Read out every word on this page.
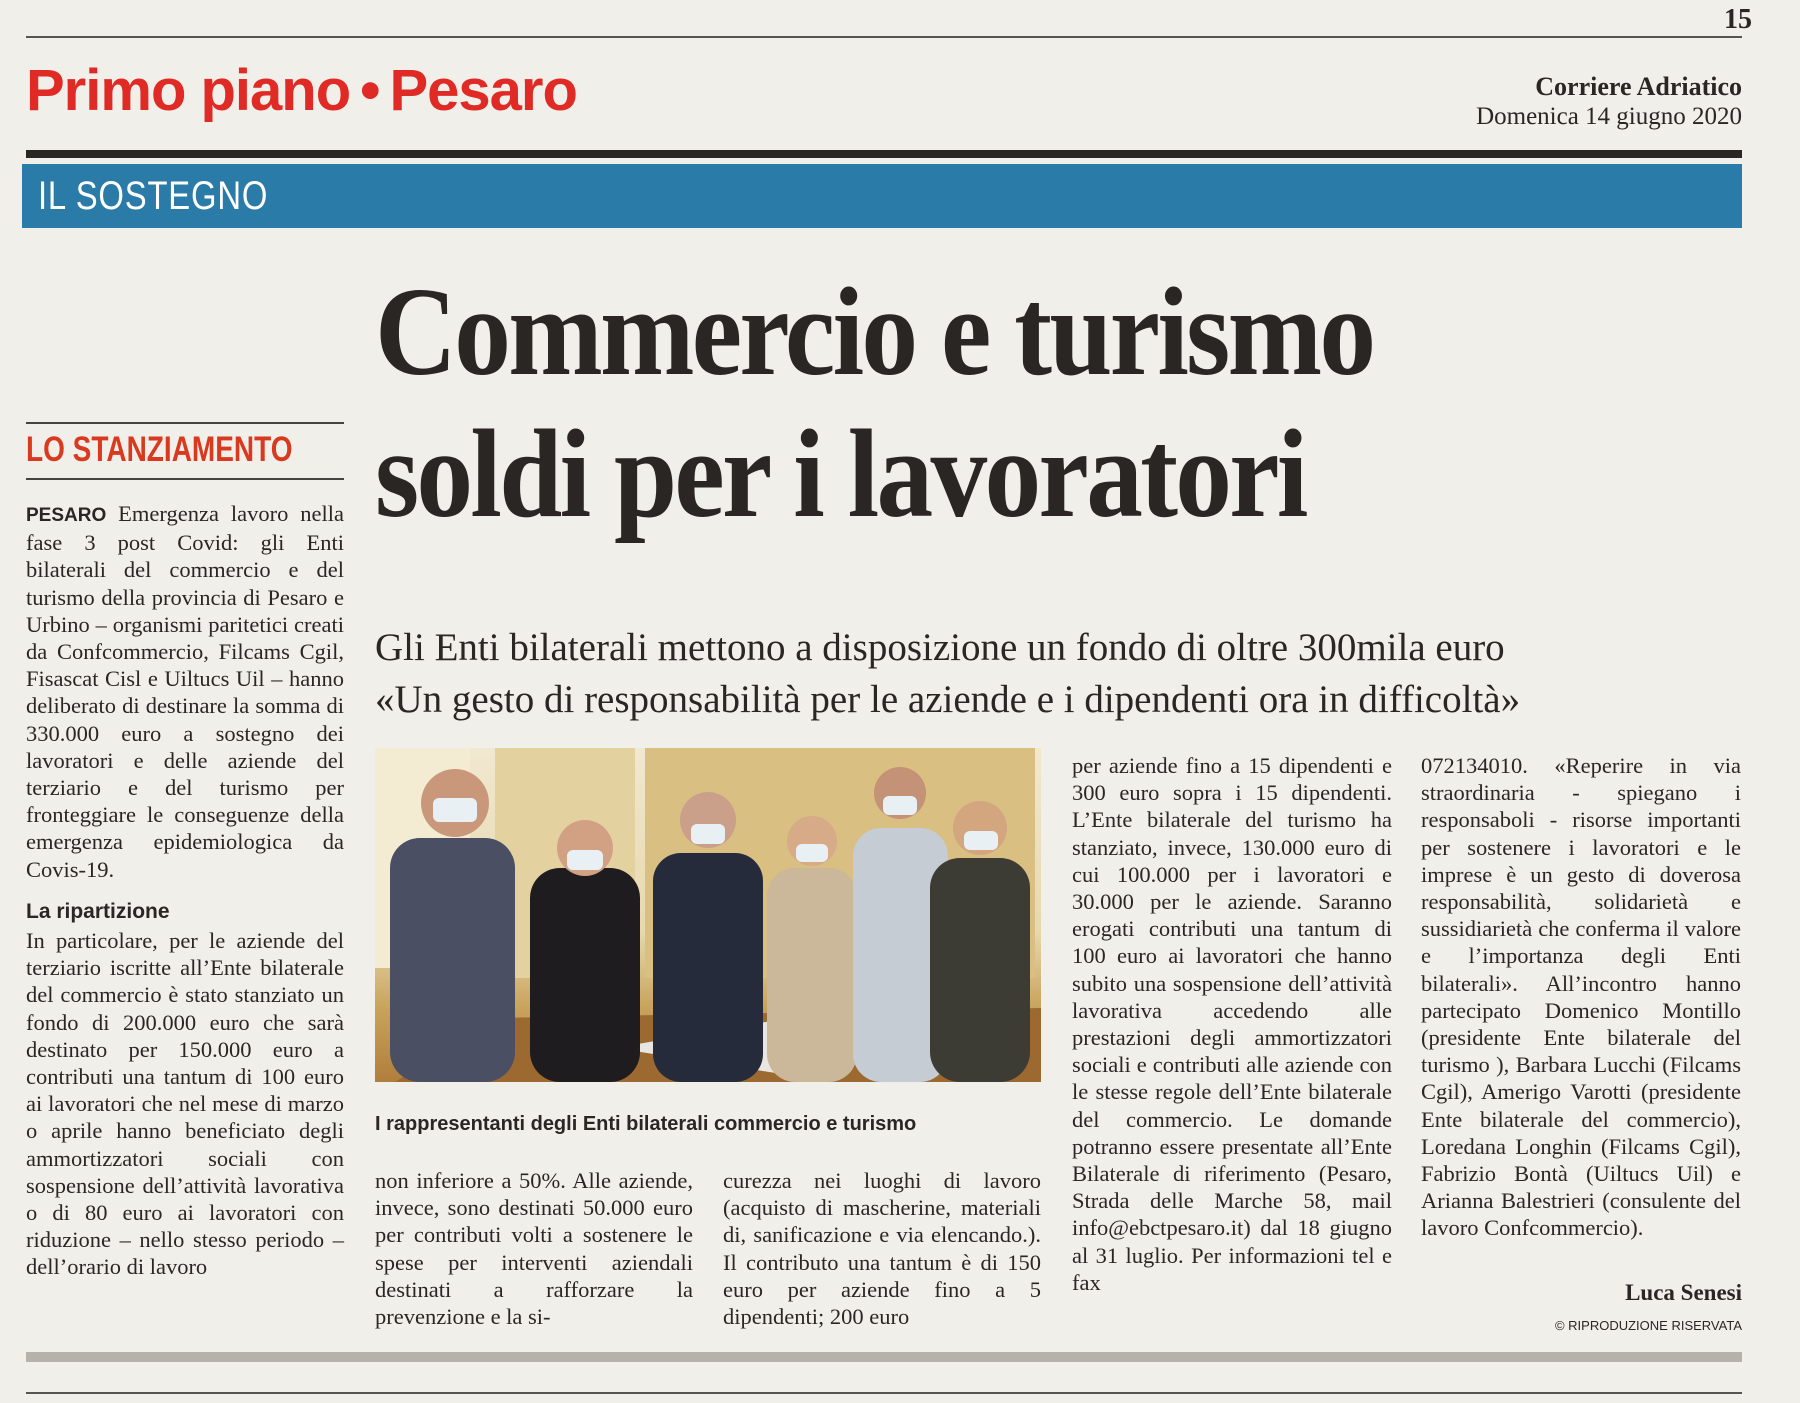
15
Primo piano • Pesaro	Corriere Adriatico
Domenica 14 giugno 2020
IL SOSTEGNO
Commercio e turismo
soldi per i lavoratori
Gli Enti bilaterali mettono a disposizione un fondo di oltre 300mila euro
«Un gesto di responsabilità per le aziende e i dipendenti ora in difficoltà»
LO STANZIAMENTO

PESARO Emergenza lavoro nella fase 3 post Covid: gli Enti bilaterali del commercio e del turismo della provincia di Pesaro e Urbino – organismi paritetici creati da Confcommercio, Filcams Cgil, Fisascat Cisl e Uiltucs Uil – hanno deliberato di destinare la somma di 330.000 euro a sostegno dei lavoratori e delle aziende del terziario e del turismo per fronteggiare le conseguenze della emergenza epidemiologica da Covis-19.

La ripartizione

In particolare, per le aziende del terziario iscritte all’Ente bilaterale del commercio è stato stanziato un fondo di 200.000 euro che sarà destinato per 150.000 euro a contributi una tantum di 100 euro ai lavoratori che nel mese di marzo o aprile hanno beneficiato degli ammortizzatori sociali con sospensione dell’attività lavorativa o di 80 euro ai lavoratori con riduzione – nello stesso periodo – dell’orario di lavoro

I rappresentanti degli Enti bilaterali commercio e turismo
non inferiore a 50%. Alle aziende, invece, sono destinati 50.000 euro per contributi volti a sostenere le spese per interventi aziendali destinati a rafforzare la prevenzione e la si-
curezza nei luoghi di lavoro (acquisto di mascherine, materiali di, sanificazione e via elencando.). Il contributo una tantum è di 150 euro per aziende fino a 5 dipendenti; 200 euro
per aziende fino a 15 dipendenti e 300 euro sopra i 15 dipendenti. L’Ente bilaterale del turismo ha stanziato, invece, 130.000 euro di cui 100.000 per i lavoratori e 30.000 per le aziende. Saranno erogati contributi una tantum di 100 euro ai lavoratori che hanno subito una sospensione dell’attività lavorativa accedendo alle prestazioni degli ammortizzatori sociali e contributi alle aziende con le stesse regole dell’Ente bilaterale del commercio. Le domande potranno essere presentate all’Ente Bilaterale di riferimento (Pesaro, Strada delle Marche 58, mail info@ebctpesaro.it) dal 18 giugno al 31 luglio. Per informazioni tel e fax
072134010. «Reperire in via straordinaria - spiegano i responsaboli - risorse importanti per sostenere i lavoratori e le imprese è un gesto di doverosa responsabilità, solidarietà e sussidiarietà che conferma il valore e l’importanza degli Enti bilaterali». All’incontro hanno partecipato Domenico Montillo (presidente Ente bilaterale del turismo ), Barbara Lucchi (Filcams Cgil), Amerigo Varotti (presidente Ente bilaterale del commercio), Loredana Longhin (Filcams Cgil), Fabrizio Bontà (Uiltucs Uil) e Arianna Balestrieri (consulente del lavoro Confcommercio).
Luca Senesi
© RIPRODUZIONE RISERVATA
